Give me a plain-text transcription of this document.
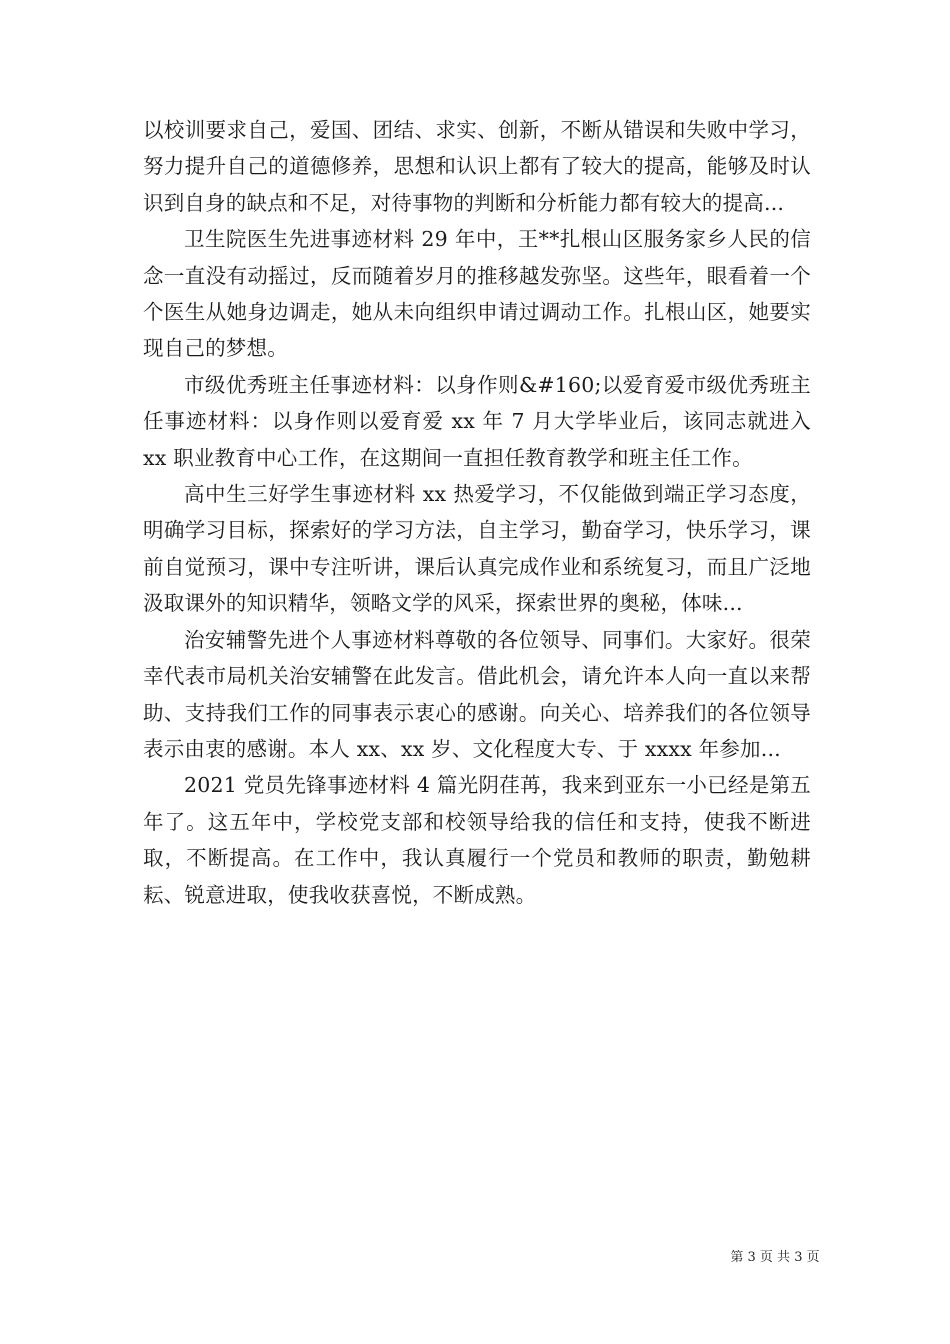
以校训要求自己，爱国、团结、求实、创新，不断从错误和失败中学习，努力提升自己的道德修养，思想和认识上都有了较大的提高，能够及时认识到自身的缺点和不足，对待事物的判断和分析能力都有较大的提高...

卫生院医生先进事迹材料 29 年中，王**扎根山区服务家乡人民的信念一直没有动摇过，反而随着岁月的推移越发弥坚。这些年，眼看着一个个医生从她身边调走，她从未向组织申请过调动工作。扎根山区，她要实现自己的梦想。

市级优秀班主任事迹材料：以身作则&#160;以爱育爱市级优秀班主任事迹材料：以身作则以爱育爱 xx 年 7 月大学毕业后，该同志就进入 xx 职业教育中心工作，在这期间一直担任教育教学和班主任工作。

高中生三好学生事迹材料 xx 热爱学习，不仅能做到端正学习态度，明确学习目标，探索好的学习方法，自主学习，勤奋学习，快乐学习，课前自觉预习，课中专注听讲，课后认真完成作业和系统复习，而且广泛地汲取课外的知识精华，领略文学的风采，探索世界的奥秘，体味...

治安辅警先进个人事迹材料尊敬的各位领导、同事们。大家好。很荣幸代表市局机关治安辅警在此发言。借此机会，请允许本人向一直以来帮助、支持我们工作的同事表示衷心的感谢。向关心、培养我们的各位领导表示由衷的感谢。本人 xx、xx 岁、文化程度大专、于 xxxx 年参加...

2021 党员先锋事迹材料 4 篇光阴荏苒，我来到亚东一小已经是第五年了。这五年中，学校党支部和校领导给我的信任和支持，使我不断进取，不断提高。在工作中，我认真履行一个党员和教师的职责，勤勉耕耘、锐意进取，使我收获喜悦，不断成熟。

第 3 页 共 3 页
